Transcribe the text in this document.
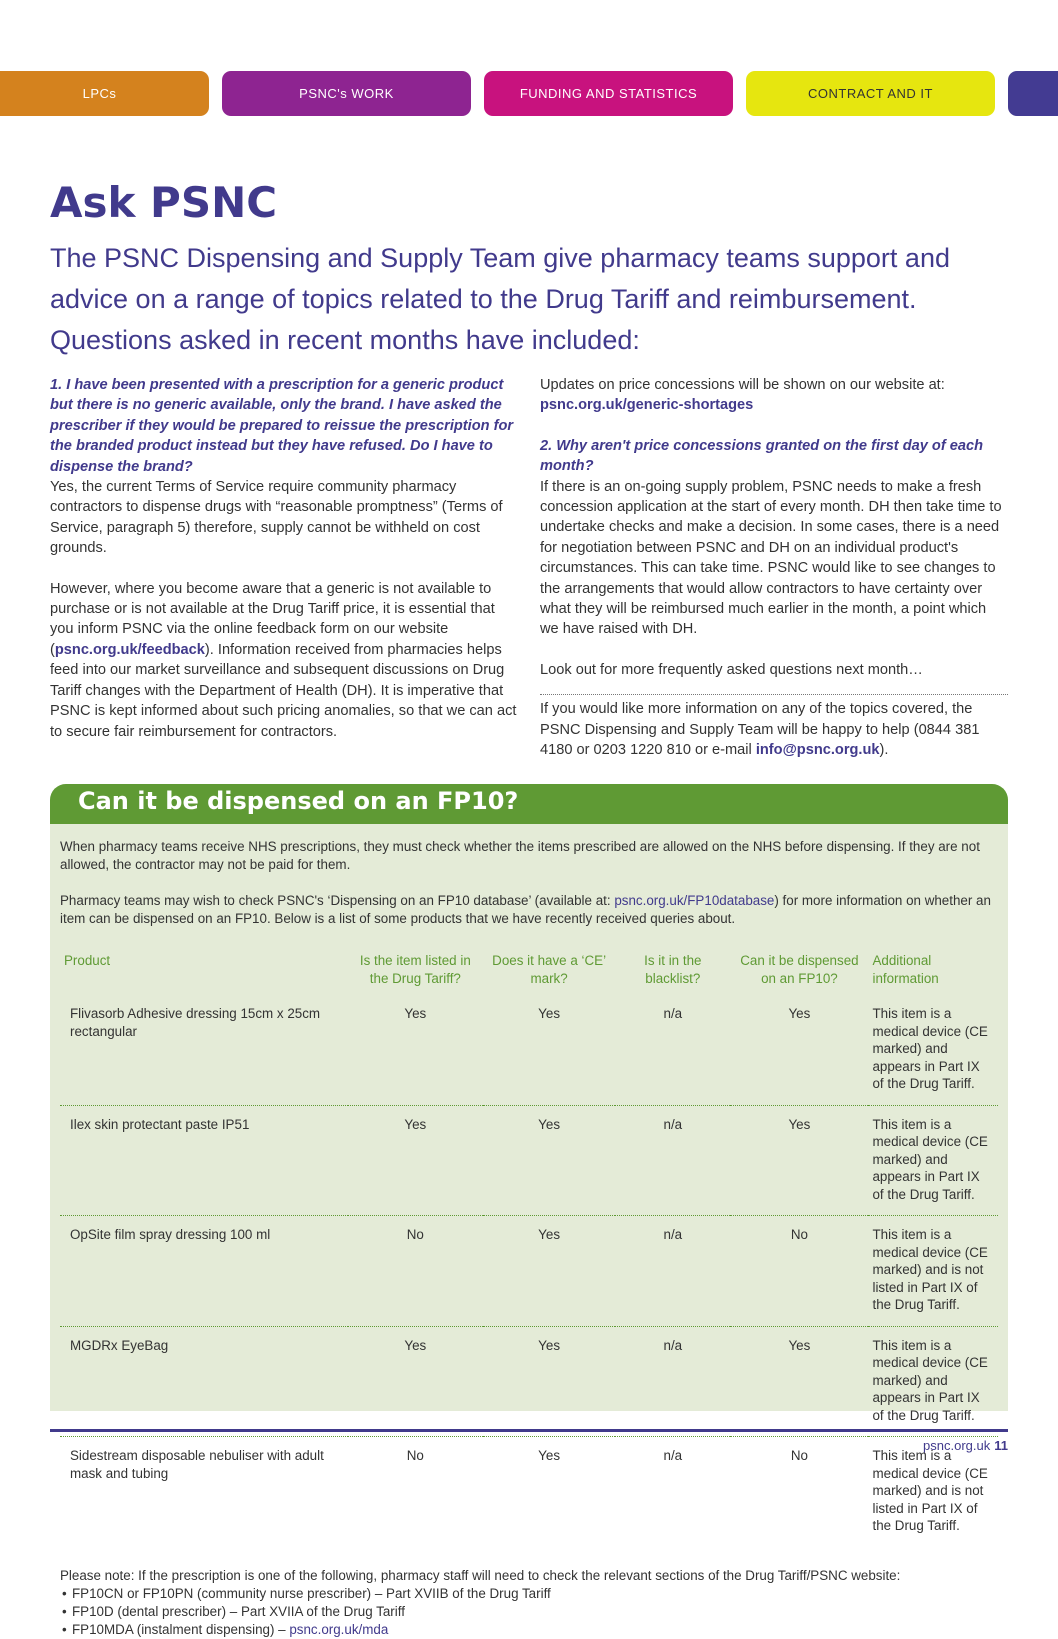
LPCs	PSNC's WORK	FUNDING AND STATISTICS	CONTRACT AND IT
Ask PSNC

The PSNC Dispensing and Supply Team give pharmacy teams support and advice on a range of topics related to the Drug Tariff and reimbursement. Questions asked in recent months have included:

1. I have been presented with a prescription for a generic product but there is no generic available, only the brand. I have asked the prescriber if they would be prepared to reissue the prescription for the branded product instead but they have refused. Do I have to dispense the brand?

Yes, the current Terms of Service require community pharmacy contractors to dispense drugs with “reasonable promptness” (Terms of Service, paragraph 5) therefore, supply cannot be withheld on cost grounds.

However, where you become aware that a generic is not available to purchase or is not available at the Drug Tariff price, it is essential that you inform PSNC via the online feedback form on our website (psnc.org.uk/feedback). Information received from pharmacies helps feed into our market surveillance and subsequent discussions on Drug Tariff changes with the Department of Health (DH). It is imperative that PSNC is kept informed about such pricing anomalies, so that we can act to secure fair reimbursement for contractors.

Updates on price concessions will be shown on our website at:

psnc.org.uk/generic-shortages

2. Why aren't price concessions granted on the first day of each month?

If there is an on-going supply problem, PSNC needs to make a fresh concession application at the start of every month. DH then take time to undertake checks and make a decision. In some cases, there is a need for negotiation between PSNC and DH on an individual product's circumstances. This can take time. PSNC would like to see changes to the arrangements that would allow contractors to have certainty over what they will be reimbursed much earlier in the month, a point which we have raised with DH.

Look out for more frequently asked questions next month…

If you would like more information on any of the topics covered, the PSNC Dispensing and Supply Team will be happy to help (0844 381 4180 or 0203 1220 810 or e-mail info@psnc.org.uk).

Can it be dispensed on an FP10?

When pharmacy teams receive NHS prescriptions, they must check whether the items prescribed are allowed on the NHS before dispensing. If they are not allowed, the contractor may not be paid for them.

Pharmacy teams may wish to check PSNC's ‘Dispensing on an FP10 database’ (available at: psnc.org.uk/FP10database) for more information on whether an item can be dispensed on an FP10. Below is a list of some products that we have recently received queries about.

Product	Is the item listed in the Drug Tariff?	Does it have a ‘CE’ mark?	Is it in the blacklist?	Can it be dispensed on an FP10?	Additional information
Flivasorb Adhesive dressing 15cm x 25cm rectangular	Yes	Yes	n/a	Yes	This item is a medical device (CE marked) and appears in Part IX of the Drug Tariff.
Ilex skin protectant paste IP51	Yes	Yes	n/a	Yes	This item is a medical device (CE marked) and appears in Part IX of the Drug Tariff.
OpSite film spray dressing 100 ml	No	Yes	n/a	No	This item is a medical device (CE marked) and is not listed in Part IX of the Drug Tariff.
MGDRx EyeBag	Yes	Yes	n/a	Yes	This item is a medical device (CE marked) and appears in Part IX of the Drug Tariff.
Sidestream disposable nebuliser with adult mask and tubing	No	Yes	n/a	No	This item is a medical device (CE marked) and is not listed in Part IX of the Drug Tariff.

Please note: If the prescription is one of the following, pharmacy staff will need to check the relevant sections of the Drug Tariff/PSNC website:

• FP10CN or FP10PN (community nurse prescriber) – Part XVIIB of the Drug Tariff
• FP10D (dental prescriber) – Part XVIIA of the Drug Tariff
• FP10MDA (instalment dispensing) – psnc.org.uk/mda
psnc.org.uk 11
